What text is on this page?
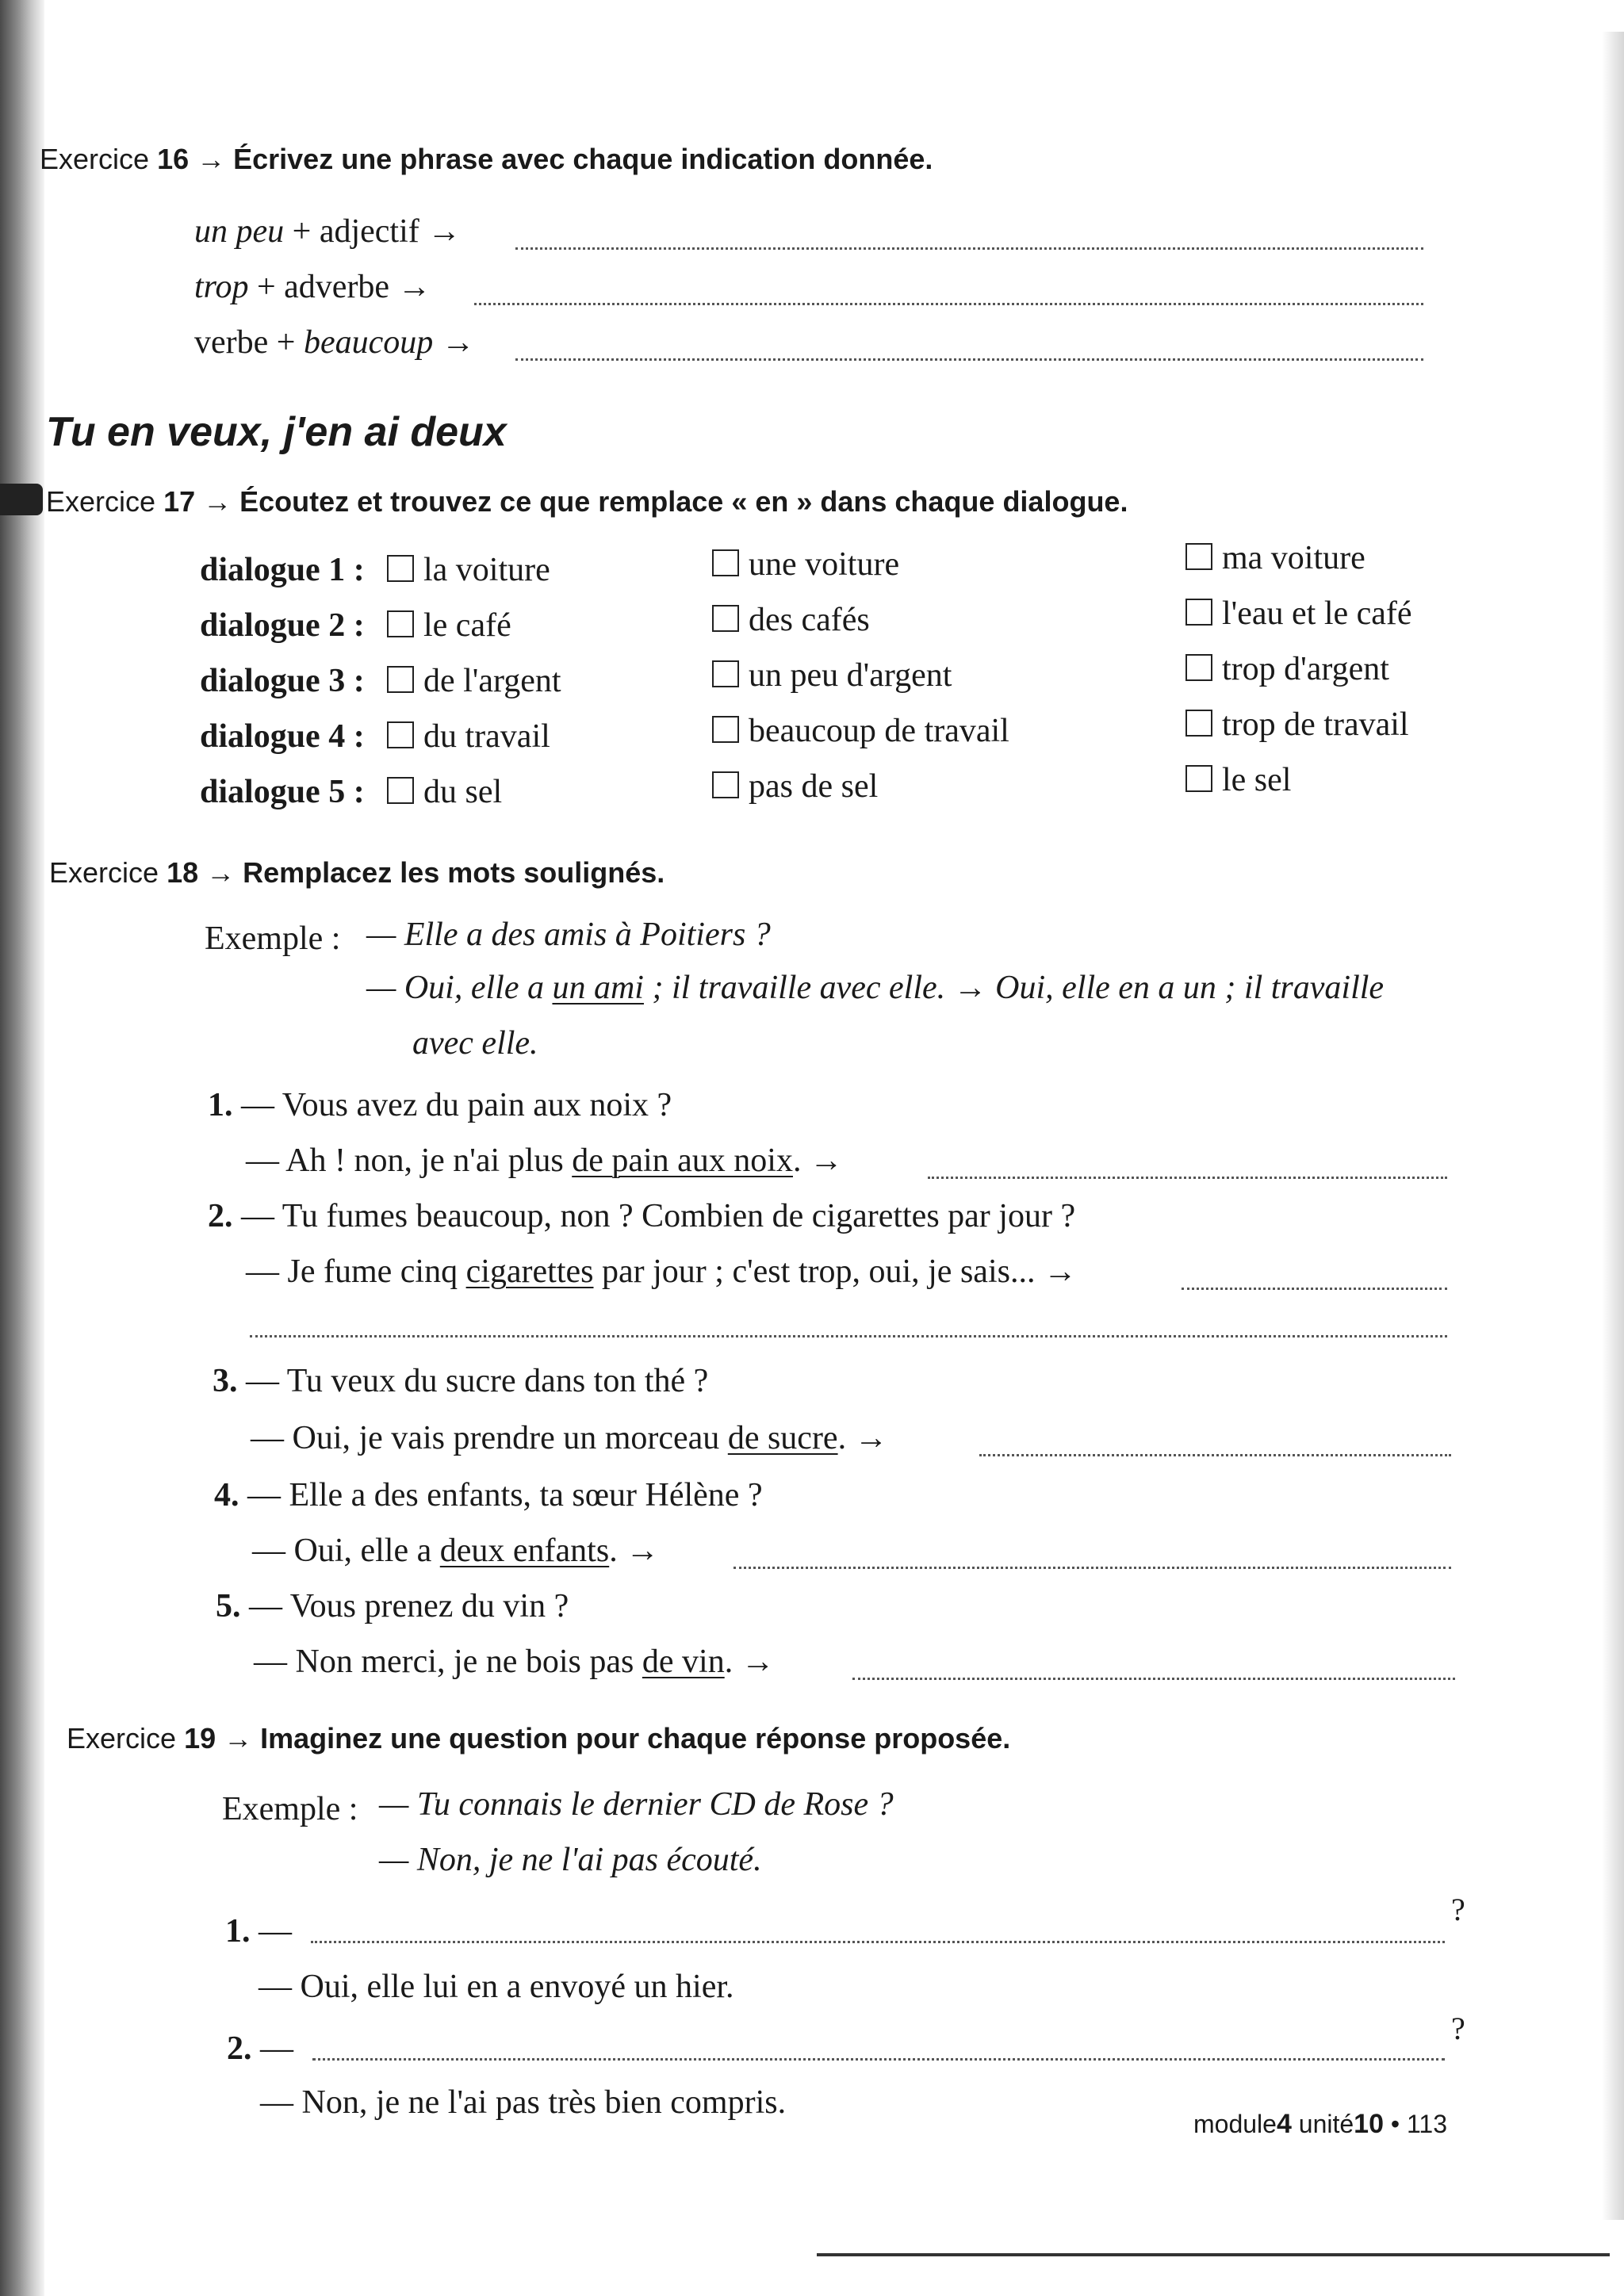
Exercice 16 → Écrivez une phrase avec chaque indication donnée.
un peu + adjectif →
trop + adverbe →
verbe + beaucoup →
Tu en veux, j'en ai deux
Exercice 17 → Écoutez et trouvez ce que remplace « en » dans chaque dialogue.
dialogue 1 :	la voiture	une voiture	ma voiture
dialogue 2 :	le café	des cafés	l'eau et le café
dialogue 3 :	de l'argent	un peu d'argent	trop d'argent
dialogue 4 :	du travail	beaucoup de travail	trop de travail
dialogue 5 :	du sel	pas de sel	le sel
Exercice 18 → Remplacez les mots soulignés.
Exemple : — Elle a des amis à Poitiers ?
— Oui, elle a un ami ; il travaille avec elle. → Oui, elle en a un ; il travaille
avec elle.
1. — Vous avez du pain aux noix ?
— Ah ! non, je n'ai plus de pain aux noix. →
2. — Tu fumes beaucoup, non ? Combien de cigarettes par jour ?
— Je fume cinq cigarettes par jour ; c'est trop, oui, je sais... →
3. — Tu veux du sucre dans ton thé ?
— Oui, je vais prendre un morceau de sucre. →
4. — Elle a des enfants, ta sœur Hélène ?
— Oui, elle a deux enfants. →
5. — Vous prenez du vin ?
— Non merci, je ne bois pas de vin. →
Exercice 19 → Imaginez une question pour chaque réponse proposée.
Exemple : — Tu connais le dernier CD de Rose ?
— Non, je ne l'ai pas écouté.
1. —
?
— Oui, elle lui en a envoyé un hier.
2. —
?
— Non, je ne l'ai pas très bien compris.
module4 unité10 • 113
